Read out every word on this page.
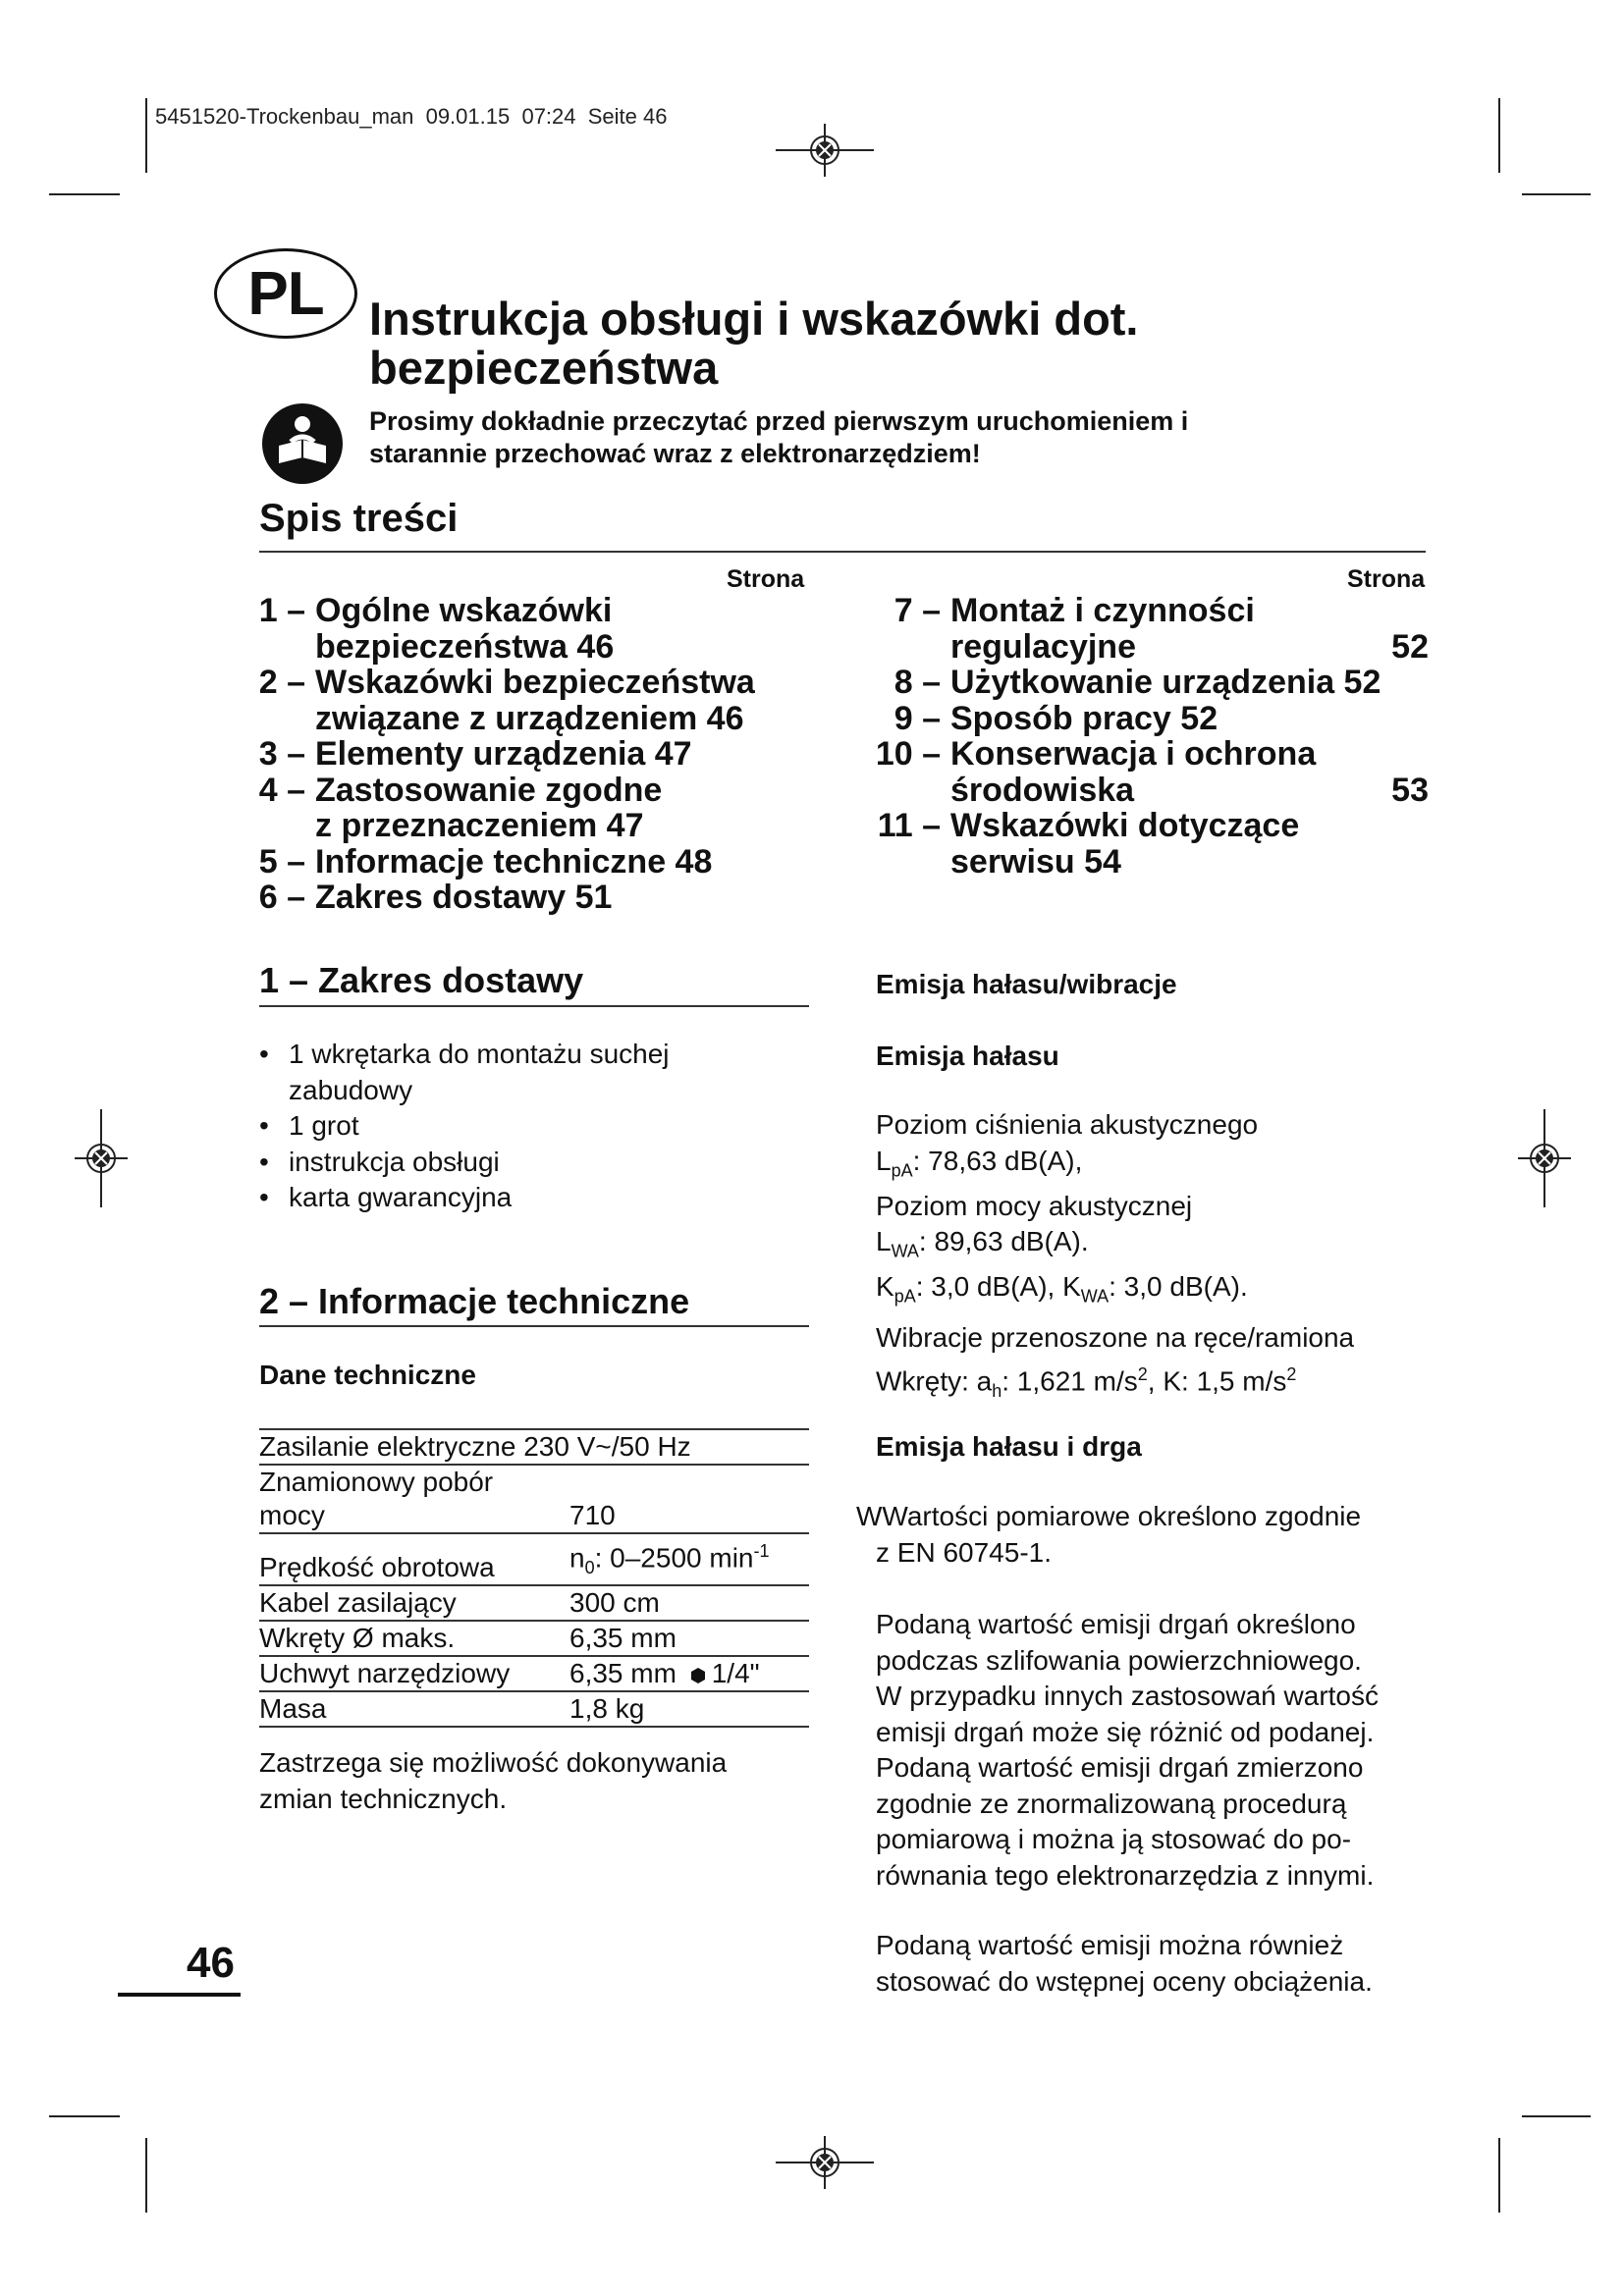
5451520-Trockenbau_man  09.01.15  07:24  Seite 46
PL Instrukcja obsługi i wskazówki dot.
bezpieczeństwa
Prosimy dokładnie przeczytać przed pierwszym uruchomieniem i
starannie przechować wraz z elektronarzędziem!
Spis treści
Strona	Strona
1 – Ogólne wskazówki
bezpieczeństwa 46
2 – Wskazówki bezpieczeństwa
związane z urządzeniem 46
3 – Elementy urządzenia 47
4 – Zastosowanie zgodne
z przeznaczeniem 47
5 – Informacje techniczne 48
6 – Zakres dostawy 51
7 – Montaż i czynności
regulacyjne	52
8 – Użytkowanie urządzenia 52
9 – Sposób pracy 52
10 – Konserwacja i ochrona
środowiska	53
11 – Wskazówki dotyczące
serwisu 54
1 – Zakres dostawy
• 1 wkrętarka do montażu suchej
zabudowy
• 1 grot
• instrukcja obsługi
• karta gwarancyjna
2 – Informacje techniczne
Dane techniczne
Zasilanie elektryczne 230 V~/50 Hz	
Znamionowy pobór	
mocy	710
Prędkość obrotowa	$n_0$: 0–2500 $\min^{-1}$
Kabel zasilający	300 cm
Wkręty Ø maks.	6,35 mm
Uchwyt narzędziowy	6,35 mm 1/4"
Masa	1,8 kg
Zastrzega się możliwość dokonywania
zmian technicznych.
Emisja hałasu/wibracje
Emisja hałasu
Poziom ciśnienia akustycznego
$L_{pA}$: 78,63 dB(A),
Poziom mocy akustycznej
$L_{WA}$: 89,63 dB(A).
$K_{pA}$: 3,0 dB(A), $K_{WA}$: 3,0 dB(A).
Wibracje przenoszone na ręce/ramiona
Wkręty: $a_h$: 1,621 $m/s^2$, K: 1,5 $m/s^2$
Emisja hałasu i drga
WWartości pomiarowe określono zgodnie
z EN 60745-1.
Podaną wartość emisji drgań określono
podczas szlifowania powierzchniowego.
W przypadku innych zastosowań wartość
emisji drgań może się różnić od podanej.
Podaną wartość emisji drgań zmierzono
zgodnie ze znormalizowaną procedurą
pomiarową i można ją stosować do po-
równania tego elektronarzędzia z innymi.
Podaną wartość emisji można również
stosować do wstępnej oceny obciążenia.
46
